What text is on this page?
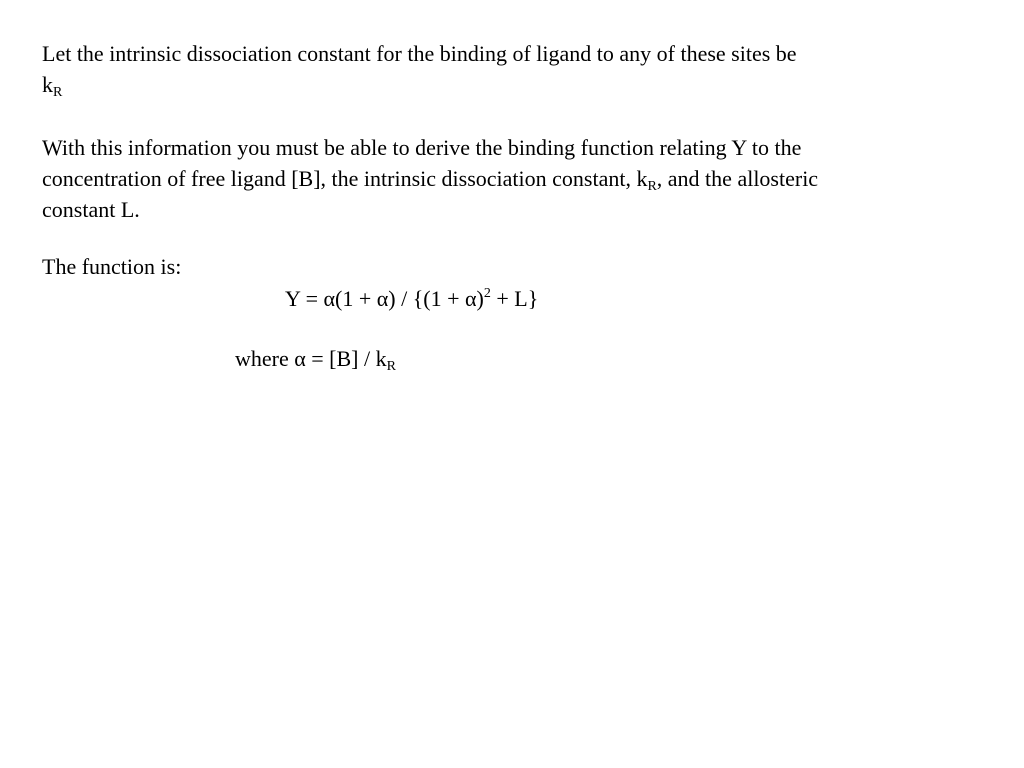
Let the intrinsic dissociation constant for the binding of ligand to any of these sites be
$k_R$
With this information you must be able to derive the binding function relating Y to the
concentration of free ligand [B], the intrinsic dissociation constant, $k_R$, and the allosteric
constant L.
The function is:
$Y = \alpha(1 + \alpha) / \{(1 + \alpha)^2 + L\}$
where $\alpha = [B] / k_R$
